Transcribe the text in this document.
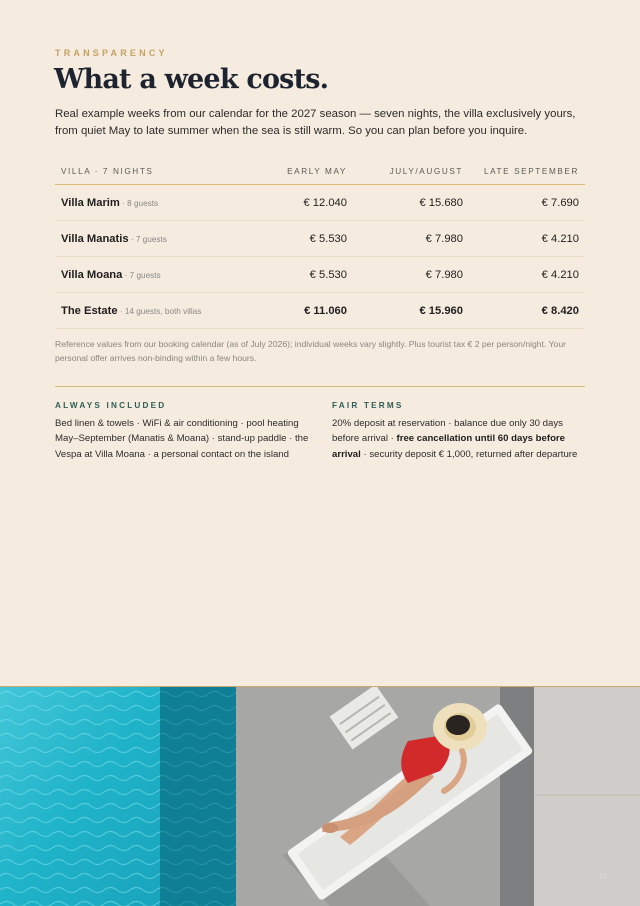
TRANSPARENCY
What a week costs.

Real example weeks from our calendar for the 2027 season — seven nights, the villa exclusively yours, from quiet May to late summer when the sea is still warm. So you can plan before you inquire.

VILLA · 7 NIGHTS	EARLY MAY	JULY/AUGUST	LATE SEPTEMBER
Villa Marim · 8 guests	€ 12.040	€ 15.680	€ 7.690
Villa Manatis · 7 guests	€ 5.530	€ 7.980	€ 4.210
Villa Moana · 7 guests	€ 5.530	€ 7.980	€ 4.210
The Estate · 14 guests, both villas	€ 11.060	€ 15.960	€ 8.420

Reference values from our booking calendar (as of July 2026); individual weeks vary slightly. Plus tourist tax € 2 per person/night. Your personal offer arrives non-binding within a few hours.

ALWAYS INCLUDED

Bed linen & towels · WiFi & air conditioning · pool heating May–September (Manatis & Moana) · stand-up paddle · the Vespa at Villa Moana · a personal contact on the island

FAIR TERMS

20% deposit at reservation · balance due only 30 days before arrival · free cancellation until 60 days before arrival · security deposit € 1,000, returned after departure

13
